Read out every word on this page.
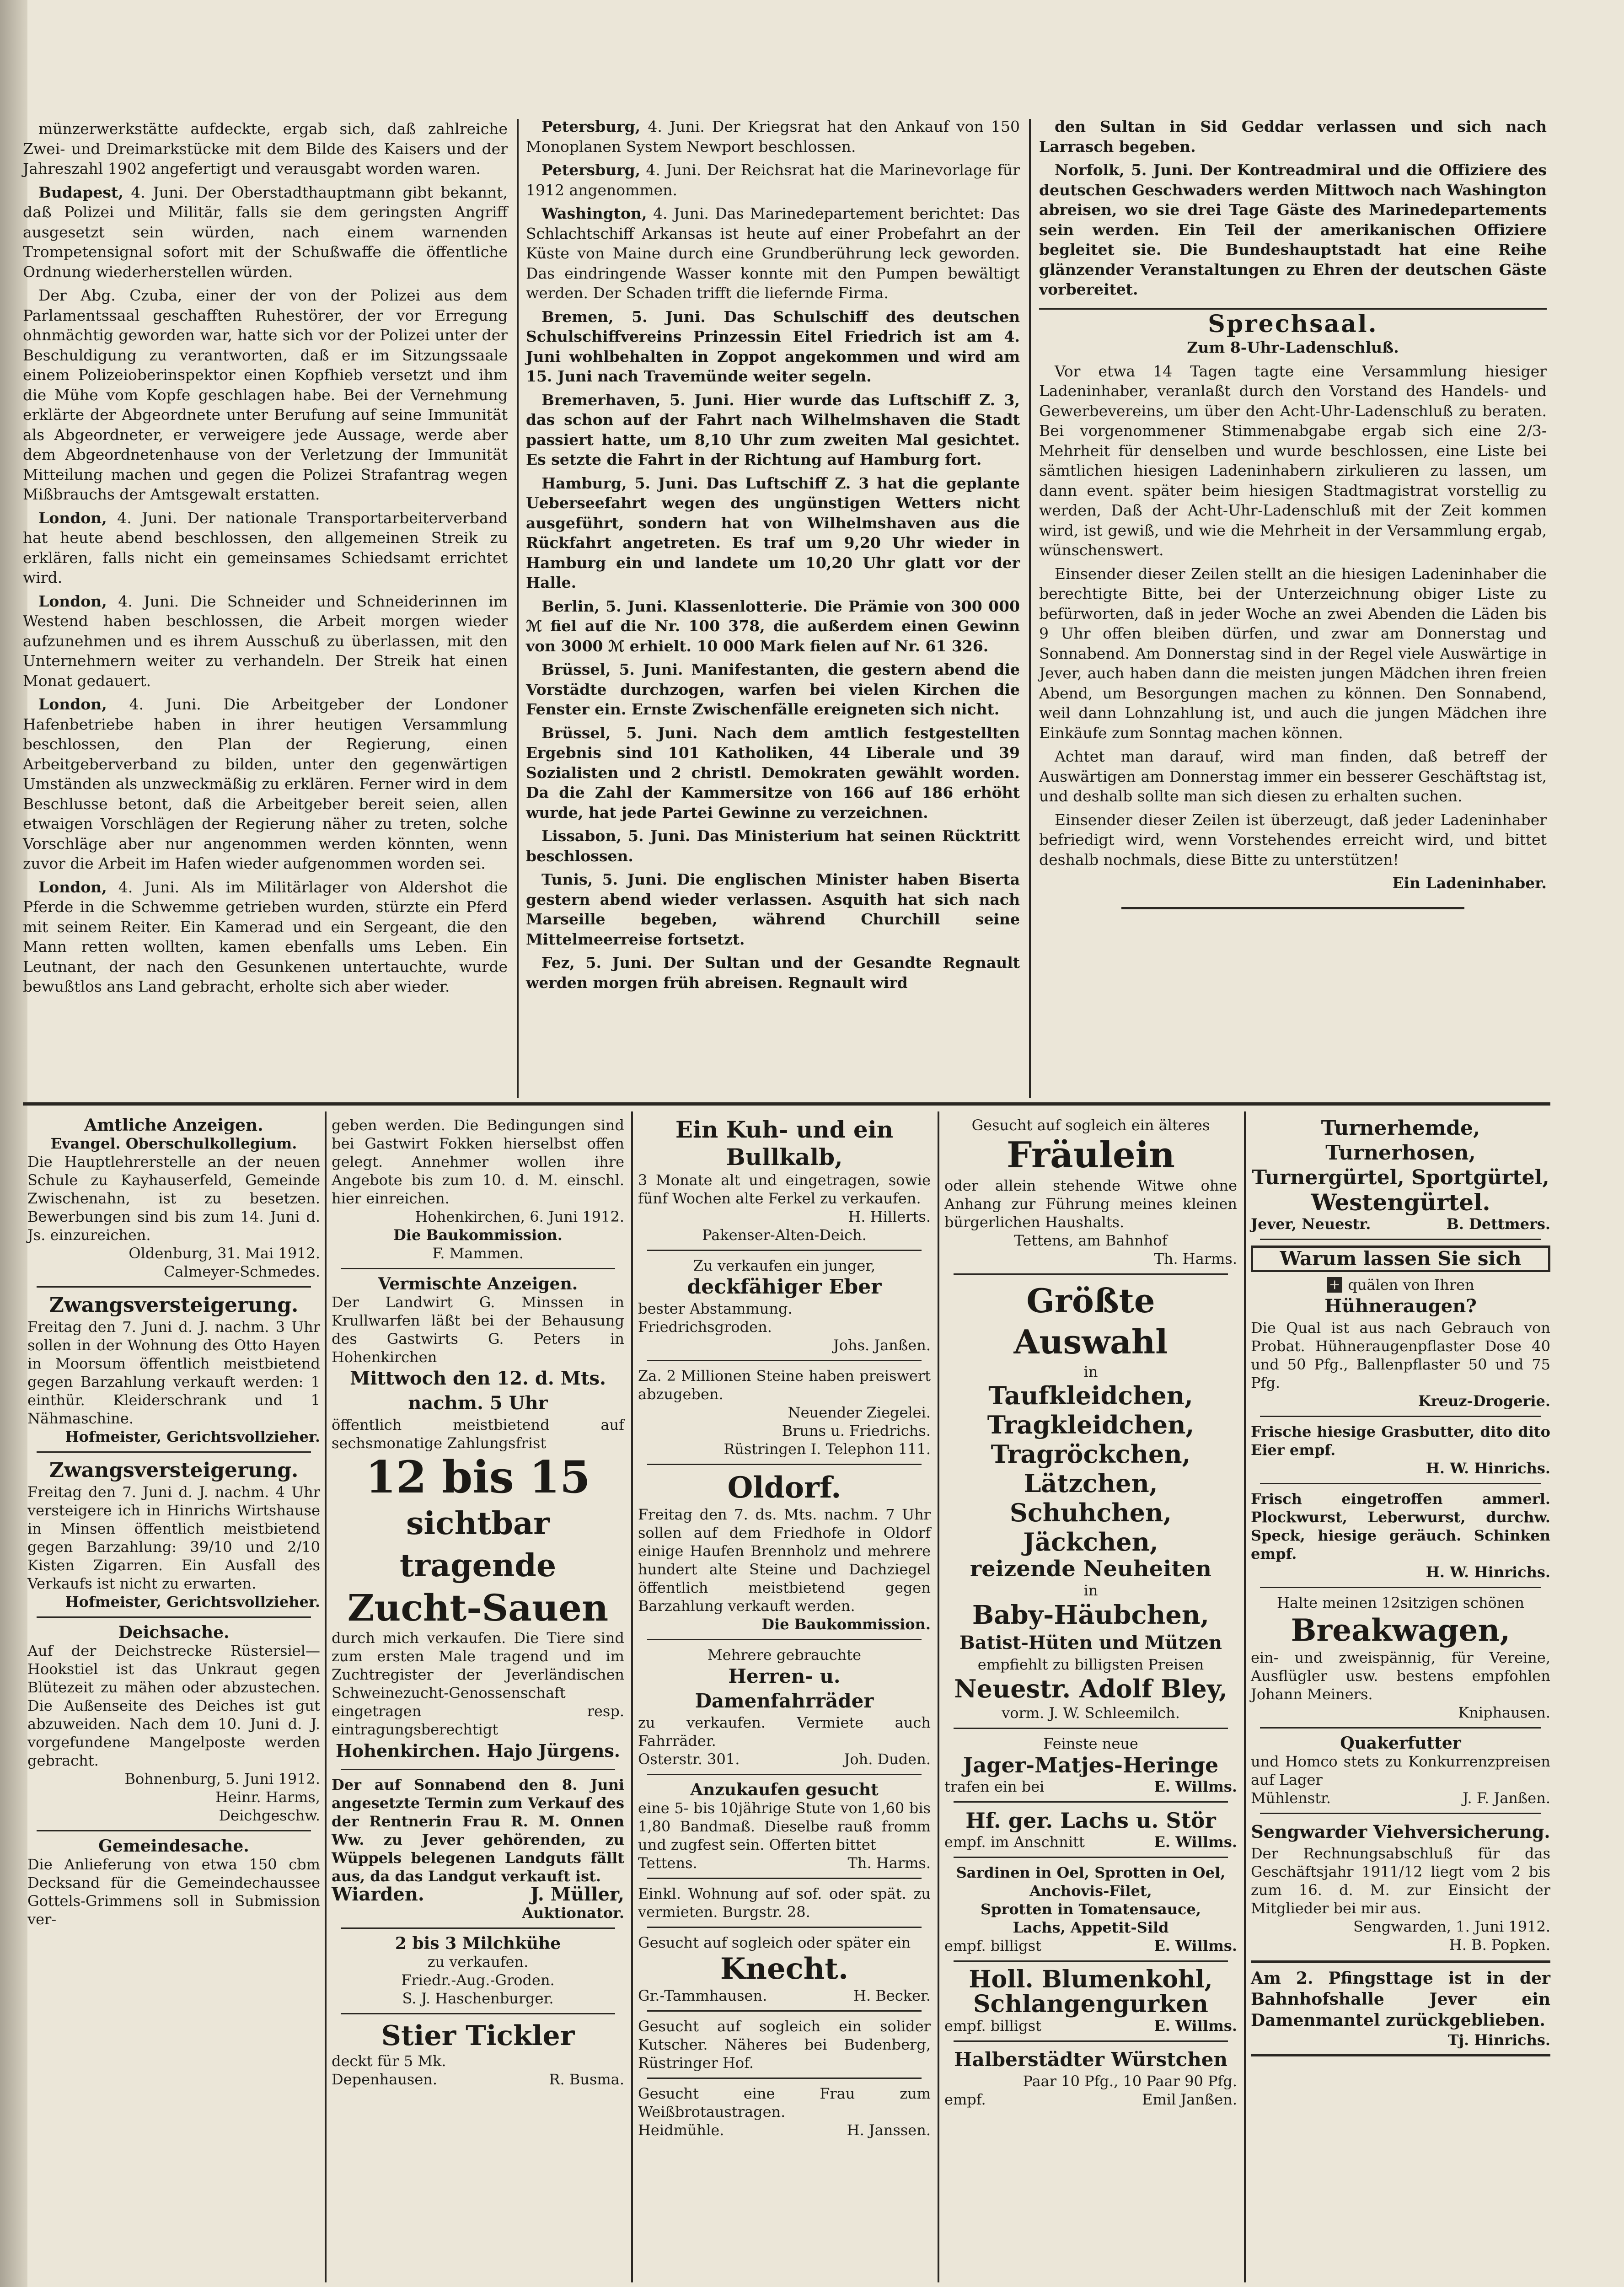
münzerwerkstätte aufdeckte, ergab sich, daß zahlreiche Zwei- und Dreimarkstücke mit dem Bilde des Kaisers und der Jahreszahl 1902 angefertigt und verausgabt worden waren.

Budapest, 4. Juni. Der Oberstadthauptmann gibt bekannt, daß Polizei und Militär, falls sie dem geringsten Angriff ausgesetzt sein würden, nach einem warnenden Trompetensignal sofort mit der Schußwaffe die öffentliche Ordnung wiederherstellen würden.

Der Abg. Czuba, einer der von der Polizei aus dem Parlamentssaal geschafften Ruhestörer, der vor Erregung ohnmächtig geworden war, hatte sich vor der Polizei unter der Beschuldigung zu verantworten, daß er im Sitzungssaale einem Polizeioberinspektor einen Kopfhieb versetzt und ihm die Mühe vom Kopfe geschlagen habe. Bei der Vernehmung erklärte der Abgeordnete unter Berufung auf seine Immunität als Abgeordneter, er verweigere jede Aussage, werde aber dem Abgeordnetenhause von der Verletzung der Immunität Mitteilung machen und gegen die Polizei Strafantrag wegen Mißbrauchs der Amtsgewalt erstatten.

London, 4. Juni. Der nationale Transportarbeiterverband hat heute abend beschlossen, den allgemeinen Streik zu erklären, falls nicht ein gemeinsames Schiedsamt errichtet wird.

London, 4. Juni. Die Schneider und Schneiderinnen im Westend haben beschlossen, die Arbeit morgen wieder aufzunehmen und es ihrem Ausschuß zu überlassen, mit den Unternehmern weiter zu verhandeln. Der Streik hat einen Monat gedauert.

London, 4. Juni. Die Arbeitgeber der Londoner Hafenbetriebe haben in ihrer heutigen Versammlung beschlossen, den Plan der Regierung, einen Arbeitgeberverband zu bilden, unter den gegenwärtigen Umständen als unzweckmäßig zu erklären. Ferner wird in dem Beschlusse betont, daß die Arbeitgeber bereit seien, allen etwaigen Vorschlägen der Regierung näher zu treten, solche Vorschläge aber nur angenommen werden könnten, wenn zuvor die Arbeit im Hafen wieder aufgenommen worden sei.

London, 4. Juni. Als im Militärlager von Aldershot die Pferde in die Schwemme getrieben wurden, stürzte ein Pferd mit seinem Reiter. Ein Kamerad und ein Sergeant, die den Mann retten wollten, kamen ebenfalls ums Leben. Ein Leutnant, der nach den Gesunkenen untertauchte, wurde bewußtlos ans Land gebracht, erholte sich aber wieder.

Petersburg, 4. Juni. Der Kriegsrat hat den Ankauf von 150 Monoplanen System Newport beschlossen.

Petersburg, 4. Juni. Der Reichsrat hat die Marinevorlage für 1912 angenommen.

Washington, 4. Juni. Das Marinedepartement berichtet: Das Schlachtschiff Arkansas ist heute auf einer Probefahrt an der Küste von Maine durch eine Grundberührung leck geworden. Das eindringende Wasser konnte mit den Pumpen bewältigt werden. Der Schaden trifft die liefernde Firma.

Bremen, 5. Juni. Das Schulschiff des deutschen Schulschiffvereins Prinzessin Eitel Friedrich ist am 4. Juni wohlbehalten in Zoppot angekommen und wird am 15. Juni nach Travemünde weiter segeln.

Bremerhaven, 5. Juni. Hier wurde das Luftschiff Z. 3, das schon auf der Fahrt nach Wilhelmshaven die Stadt passiert hatte, um 8,10 Uhr zum zweiten Mal gesichtet. Es setzte die Fahrt in der Richtung auf Hamburg fort.

Hamburg, 5. Juni. Das Luftschiff Z. 3 hat die geplante Ueberseefahrt wegen des ungünstigen Wetters nicht ausgeführt, sondern hat von Wilhelmshaven aus die Rückfahrt angetreten. Es traf um 9,20 Uhr wieder in Hamburg ein und landete um 10,20 Uhr glatt vor der Halle.

Berlin, 5. Juni. Klassenlotterie. Die Prämie von 300 000 ℳ fiel auf die Nr. 100 378, die außerdem einen Gewinn von 3000 ℳ erhielt. 10 000 Mark fielen auf Nr. 61 326.

Brüssel, 5. Juni. Manifestanten, die gestern abend die Vorstädte durchzogen, warfen bei vielen Kirchen die Fenster ein. Ernste Zwischenfälle ereigneten sich nicht.

Brüssel, 5. Juni. Nach dem amtlich festgestellten Ergebnis sind 101 Katholiken, 44 Liberale und 39 Sozialisten und 2 christl. Demokraten gewählt worden. Da die Zahl der Kammersitze von 166 auf 186 erhöht wurde, hat jede Partei Gewinne zu verzeichnen.

Lissabon, 5. Juni. Das Ministerium hat seinen Rücktritt beschlossen.

Tunis, 5. Juni. Die englischen Minister haben Biserta gestern abend wieder verlassen. Asquith hat sich nach Marseille begeben, während Churchill seine Mittelmeerreise fortsetzt.

Fez, 5. Juni. Der Sultan und der Gesandte Regnault werden morgen früh abreisen. Regnault wird

den Sultan in Sid Geddar verlassen und sich nach Larrasch begeben.

Norfolk, 5. Juni. Der Kontreadmiral und die Offiziere des deutschen Geschwaders werden Mittwoch nach Washington abreisen, wo sie drei Tage Gäste des Marinedepartements sein werden. Ein Teil der amerikanischen Offiziere begleitet sie. Die Bundeshauptstadt hat eine Reihe glänzender Veranstaltungen zu Ehren der deutschen Gäste vorbereitet.

Sprechsaal.

Zum 8-Uhr-Ladenschluß.

Vor etwa 14 Tagen tagte eine Versammlung hiesiger Ladeninhaber, veranlaßt durch den Vorstand des Handels- und Gewerbevereins, um über den Acht-Uhr-Ladenschluß zu beraten. Bei vorgenommener Stimmenabgabe ergab sich eine 2/3-Mehrheit für denselben und wurde beschlossen, eine Liste bei sämtlichen hiesigen Ladeninhabern zirkulieren zu lassen, um dann event. später beim hiesigen Stadtmagistrat vorstellig zu werden, Daß der Acht-Uhr-Ladenschluß mit der Zeit kommen wird, ist gewiß, und wie die Mehrheit in der Versammlung ergab, wünschenswert.

Einsender dieser Zeilen stellt an die hiesigen Ladeninhaber die berechtigte Bitte, bei der Unterzeichnung obiger Liste zu befürworten, daß in jeder Woche an zwei Abenden die Läden bis 9 Uhr offen bleiben dürfen, und zwar am Donnerstag und Sonnabend. Am Donnerstag sind in der Regel viele Auswärtige in Jever, auch haben dann die meisten jungen Mädchen ihren freien Abend, um Besorgungen machen zu können. Den Sonnabend, weil dann Lohnzahlung ist, und auch die jungen Mädchen ihre Einkäufe zum Sonntag machen können.

Achtet man darauf, wird man finden, daß betreff der Auswärtigen am Donnerstag immer ein besserer Geschäftstag ist, und deshalb sollte man sich diesen zu erhalten suchen.

Einsender dieser Zeilen ist überzeugt, daß jeder Ladeninhaber befriedigt wird, wenn Vorstehendes erreicht wird, und bittet deshalb nochmals, diese Bitte zu unterstützen!

Ein Ladeninhaber.

Amtliche Anzeigen.
Evangel. Oberschulkollegium.
Die Hauptlehrerstelle an der neuen Schule zu Kayhauserfeld, Gemeinde Zwischenahn, ist zu besetzen. Bewerbungen sind bis zum 14. Juni d. Js. einzureichen.
Oldenburg, 31. Mai 1912.
Calmeyer-Schmedes.
Zwangsversteigerung.
Freitag den 7. Juni d. J. nachm. 3 Uhr sollen in der Wohnung des Otto Hayen in Moorsum öffentlich meistbietend gegen Barzahlung verkauft werden: 1 einthür. Kleiderschrank und 1 Nähmaschine.
Hofmeister, Gerichtsvollzieher.
Zwangsversteigerung.
Freitag den 7. Juni d. J. nachm. 4 Uhr versteigere ich in Hinrichs Wirtshause in Minsen öffentlich meistbietend gegen Barzahlung: 39/10 und 2/10 Kisten Zigarren. Ein Ausfall des Verkaufs ist nicht zu erwarten.
Hofmeister, Gerichtsvollzieher.
Deichsache.
Auf der Deichstrecke Rüstersiel—Hookstiel ist das Unkraut gegen Blütezeit zu mähen oder abzustechen. Die Außenseite des Deiches ist gut abzuweiden. Nach dem 10. Juni d. J. vorgefundene Mangelposte werden gebracht.
Bohnenburg, 5. Juni 1912.
Heinr. Harms,
Deichgeschw.
Gemeindesache.
Die Anlieferung von etwa 150 cbm Decksand für die Gemeindechaussee Gottels-Grimmens soll in Submission ver-
geben werden. Die Bedingungen sind bei Gastwirt Fokken hierselbst offen gelegt. Annehmer wollen ihre Angebote bis zum 10. d. M. einschl. hier einreichen.
Hohenkirchen, 6. Juni 1912.
Die Baukommission.
F. Mammen.
Vermischte Anzeigen.
Der Landwirt G. Minssen in Krullwarfen läßt bei der Behausung des Gastwirts G. Peters in Hohenkirchen
Mittwoch den 12. d. Mts. nachm. 5 Uhr
öffentlich meistbietend auf sechsmonatige Zahlungsfrist
12 bis 15
sichtbar tragende
Zucht-Sauen
durch mich verkaufen. Die Tiere sind zum ersten Male tragend und im Zuchtregister der Jeverländischen Schweinezucht-Genossenschaft eingetragen resp. eintragungsberechtigt
Hohenkirchen. Hajo Jürgens.
Der auf Sonnabend den 8. Juni angesetzte Termin zum Verkauf des der Rentnerin Frau R. M. Onnen Ww. zu Jever gehörenden, zu Wüppels belegenen Landguts fällt aus, da das Landgut verkauft ist.
Wiarden.	J. Müller,
Auktionator.
2 bis 3 Milchkühe
zu verkaufen.
Friedr.-Aug.-Groden.
S. J. Haschenburger.
Stier Tickler
deckt für 5 Mk.
Depenhausen.	R. Busma.
Ein Kuh- und ein Bullkalb,
3 Monate alt und eingetragen, sowie fünf Wochen alte Ferkel zu verkaufen.
H. Hillerts.
Pakenser-Alten-Deich.
Zu verkaufen ein junger,
deckfähiger Eber
bester Abstammung.
Friedrichsgroden.
Johs. Janßen.
Za. 2 Millionen Steine haben preiswert abzugeben.
Neuender Ziegelei.
Bruns u. Friedrichs.
Rüstringen I. Telephon 111.
Oldorf.
Freitag den 7. ds. Mts. nachm. 7 Uhr sollen auf dem Friedhofe in Oldorf einige Haufen Brennholz und mehrere hundert alte Steine und Dachziegel öffentlich meistbietend gegen Barzahlung verkauft werden.
Die Baukommission.
Mehrere gebrauchte
Herren- u. Damenfahrräder
zu verkaufen. Vermiete auch Fahrräder.
Osterstr. 301.	Joh. Duden.
Anzukaufen gesucht
eine 5- bis 10jährige Stute von 1,60 bis 1,80 Bandmaß. Dieselbe rauß fromm und zugfest sein. Offerten bittet
Tettens.	Th. Harms.
Einkl. Wohnung auf sof. oder spät. zu vermieten. Burgstr. 28.
Gesucht auf sogleich oder später ein
Knecht.
Gr.-Tammhausen.	H. Becker.
Gesucht auf sogleich ein solider Kutscher. Näheres bei Budenberg, Rüstringer Hof.
Gesucht eine Frau zum Weißbrotaustragen.
Heidmühle.	H. Janssen.
Gesucht auf sogleich ein älteres
Fräulein
oder allein stehende Witwe ohne Anhang zur Führung meines kleinen bürgerlichen Haushalts.
Tettens, am Bahnhof
Th. Harms.
Größte Auswahl
in
Taufkleidchen,
Tragkleidchen,
Tragröckchen,
Lätzchen,
Schuhchen,
Jäckchen,
reizende Neuheiten
in
Baby-Häubchen,
Batist-Hüten und Mützen
empfiehlt zu billigsten Preisen
Neuestr. Adolf Bley,
vorm. J. W. Schleemilch.
Feinste neue
Jager-Matjes-Heringe
trafen ein bei	E. Willms.
Hf. ger. Lachs u. Stör
empf. im Anschnitt	E. Willms.
Sardinen in Oel, Sprotten in Oel,
Anchovis-Filet,
Sprotten in Tomatensauce,
Lachs, Appetit-Sild
empf. billigst	E. Willms.
Holl. Blumenkohl,
Schlangengurken
empf. billigst	E. Willms.
Halberstädter Würstchen
Paar 10 Pfg., 10 Paar 90 Pfg.
empf.	Emil Janßen.
Turnerhemde, Turnerhosen,
Turnergürtel, Sportgürtel,
Westengürtel.
Jever, Neuestr.	B. Dettmers.
Warum lassen Sie sich
+ quälen von Ihren
Hühneraugen?
Die Qual ist aus nach Gebrauch von Probat. Hühneraugenpflaster Dose 40 und 50 Pfg., Ballenpflaster 50 und 75 Pfg.
Kreuz-Drogerie.
Frische hiesige Grasbutter, dito dito Eier empf.
H. W. Hinrichs.
Frisch eingetroffen ammerl. Plockwurst, Leberwurst, durchw. Speck, hiesige geräuch. Schinken empf.
H. W. Hinrichs.
Halte meinen 12sitzigen schönen
Breakwagen,
ein- und zweispännig, für Vereine, Ausflügler usw. bestens empfohlen Johann Meiners.
Kniphausen.
Quakerfutter
und Homco stets zu Konkurrenzpreisen auf Lager
Mühlenstr.	J. F. Janßen.
Sengwarder Viehversicherung.
Der Rechnungsabschluß für das Geschäftsjahr 1911/12 liegt vom 2 bis zum 16. d. M. zur Einsicht der Mitglieder bei mir aus.
Sengwarden, 1. Juni 1912.
H. B. Popken.
Am 2. Pfingsttage ist in der Bahnhofshalle Jever ein Damenmantel zurückgeblieben.
Tj. Hinrichs.
